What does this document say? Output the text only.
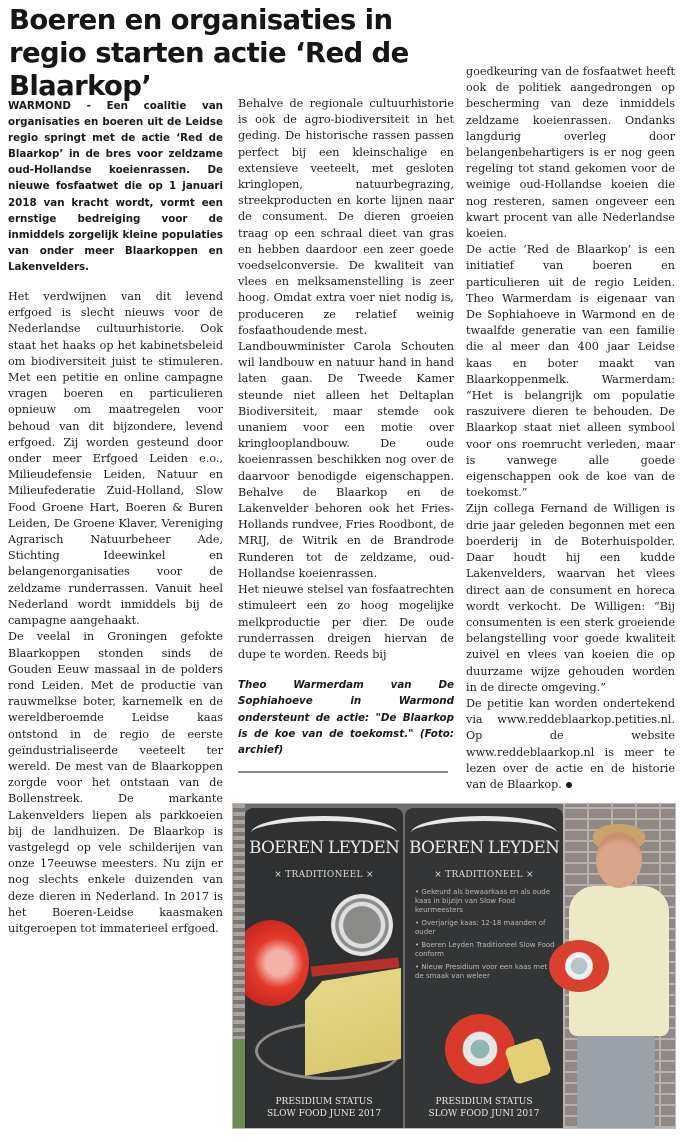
Boeren en organisaties in regio starten actie ‘Red de Blaarkop’

WARMOND - Een coalitie van organisaties en boeren uit de Leidse regio springt met de actie ‘Red de Blaarkop’ in de bres voor zeldzame oud-Hollandse koeienrassen. De nieuwe fosfaatwet die op 1 januari 2018 van kracht wordt, vormt een ernstige bedreiging voor de inmiddels zorgelijk kleine populaties van onder meer Blaarkoppen en Lakenvelders.

Het verdwijnen van dit levend erfgoed is slecht nieuws voor de Nederlandse cultuurhistorie. Ook staat het haaks op het kabinetsbeleid om biodiversiteit juist te stimuleren. Met een petitie en online campagne vragen boeren en particulieren opnieuw om maatregelen voor behoud van dit bijzondere, levend erfgoed. Zij worden gesteund door onder meer Erfgoed Leiden e.o., Milieudefensie Leiden, Natuur en Milieufederatie Zuid-Holland, Slow Food Groene Hart, Boeren & Buren Leiden, De Groene Klaver, Vereniging Agrarisch Natuurbeheer Ade, Stichting Ideewinkel en belangenorganisaties voor de zeldzame runderrassen. Vanuit heel Nederland wordt inmiddels bij de campagne aangehaakt.

De veelal in Groningen gefokte Blaarkoppen stonden sinds de Gouden Eeuw massaal in de polders rond Leiden. Met de productie van rauwmelkse boter, karnemelk en de wereldberoemde Leidse kaas ontstond in de regio de eerste geïndustrialiseerde veeteelt ter wereld. De mest van de Blaarkoppen zorgde voor het ontstaan van de Bollenstreek. De markante Lakenvelders liepen als parkkoeien bij de landhuizen. De Blaarkop is vastgelegd op vele schilderijen van onze 17eeuwse meesters. Nu zijn er nog slechts enkele duizenden van deze dieren in Nederland. In 2017 is het Boeren-Leidse kaasmaken uitgeroepen tot immaterieel erfgoed.

Behalve de regionale cultuurhistorie is ook de agro-biodiversiteit in het geding. De historische rassen passen perfect bij een kleinschalige en extensieve veeteelt, met gesloten kringlopen, natuurbegrazing, streekproducten en korte lijnen naar de consument. De dieren groeien traag op een schraal dieet van gras en hebben daardoor een zeer goede voedselconversie. De kwaliteit van vlees en melksamenstelling is zeer hoog. Omdat extra voer niet nodig is, produceren ze relatief weinig fosfaathoudende mest.

Landbouwminister Carola Schouten wil landbouw en natuur hand in hand laten gaan. De Tweede Kamer steunde niet alleen het Deltaplan Biodiversiteit, maar stemde ook unaniem voor een motie over kringlooplandbouw. De oude koeienrassen beschikken nog over de daarvoor benodigde eigenschappen. Behalve de Blaarkop en de Lakenvelder behoren ook het Fries-Hollands rundvee, Fries Roodbont, de MRIJ, de Witrik en de Brandrode Runderen tot de zeldzame, oud-Hollandse koeienrassen.

Het nieuwe stelsel van fosfaatrechten stimuleert een zo hoog mogelijke melkproductie per dier. De oude runderrassen dreigen hiervan de dupe te worden. Reeds bij

Theo Warmerdam van De Sophiahoeve in Warmond ondersteunt de actie: "De Blaarkop is de koe van de toekomst." (Foto: archief)

goedkeuring van de fosfaatwet heeft ook de politiek aangedrongen op bescherming van deze inmiddels zeldzame koeienrassen. Ondanks langdurig overleg door belangenbehartigers is er nog geen regeling tot stand gekomen voor de weinige oud-Hollandse koeien die nog resteren, samen ongeveer een kwart procent van alle Nederlandse koeien.

De actie ‘Red de Blaarkop’ is een initiatief van boeren en particulieren uit de regio Leiden. Theo Warmerdam is eigenaar van De Sophiahoeve in Warmond en de twaalfde generatie van een familie die al meer dan 400 jaar Leidse kaas en boter maakt van Blaarkoppenmelk. Warmerdam: “Het is belangrijk om populatie raszuivere dieren te behouden. De Blaarkop staat niet alleen symbool voor ons roemrucht verleden, maar is vanwege alle goede eigenschappen ook de koe van de toekomst.”

Zijn collega Fernand de Willigen is drie jaar geleden begonnen met een boerderij in de Boterhuispolder. Daar houdt hij een kudde Lakenvelders, waarvan het vlees direct aan de consument en horeca wordt verkocht. De Willigen: “Bij consumenten is een sterk groeiende belangstelling voor goede kwaliteit zuivel en vlees van koeien die op duurzame wijze gehouden worden in de directe omgeving.”

De petitie kan worden ondertekend via www.reddeblaarkop.petities.nl. Op de website www.reddeblaarkop.nl is meer te lezen over de actie en de historie van de Blaarkop.

BOEREN LEYDEN
× TRADITIONEEL ×
PRESIDIUM STATUS
SLOW FOOD JUNE 2017
BOEREN LEYDEN
× TRADITIONEEL ×
• Gekeurd als bewaarkaas en als oude kaas in bijzijn van Slow Food keurmeesters
• Overjarige kaas: 12-18 maanden of ouder
• Boeren Leyden Traditioneel Slow Food conform
• Nieuw Presidium voor een kaas met de smaak van weleer
PRESIDIUM STATUS
SLOW FOOD JUNI 2017
